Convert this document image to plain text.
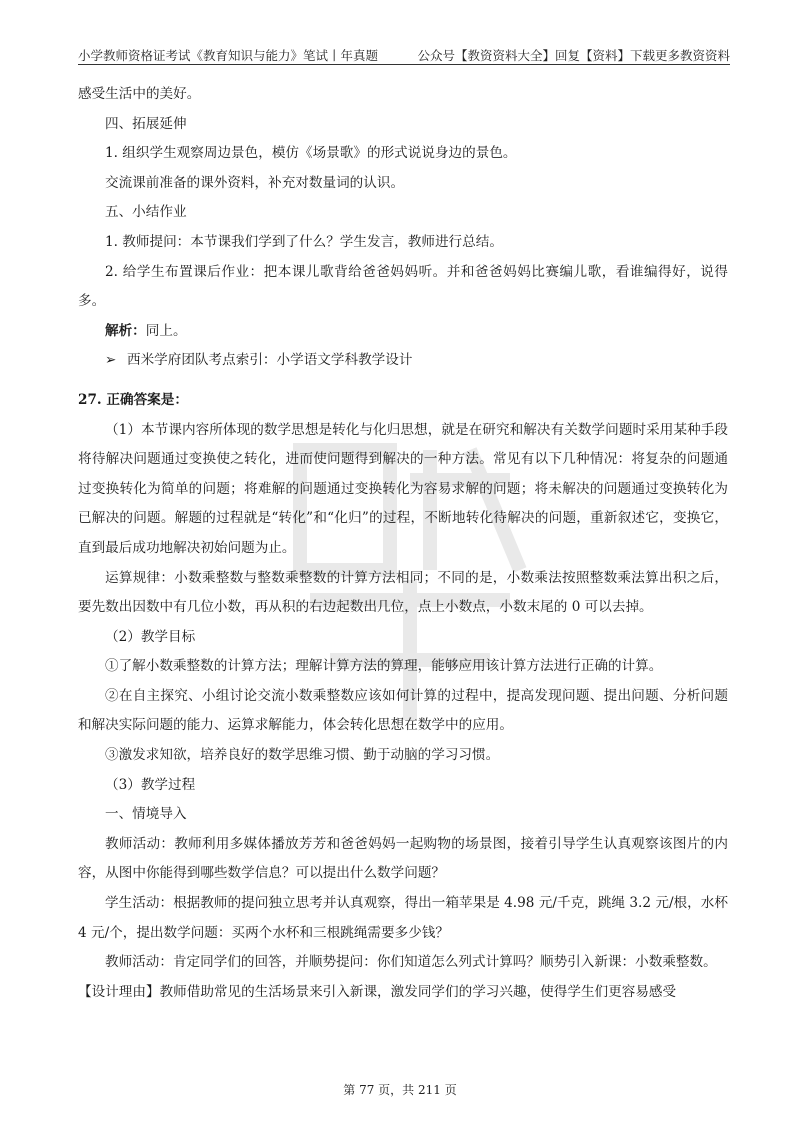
小学教师资格证考试《教育知识与能力》笔试丨年真题	公众号【教资资料大全】回复【资料】下载更多教资资料

感受生活中的美好。

四、拓展延伸

1. 组织学生观察周边景色，模仿《场景歌》的形式说说身边的景色。

交流课前准备的课外资料，补充对数量词的认识。

五、小结作业

1. 教师提问：本节课我们学到了什么？学生发言，教师进行总结。

2. 给学生布置课后作业：把本课儿歌背给爸爸妈妈听。并和爸爸妈妈比赛编儿歌，看谁编得好，说得多。

解析：同上。

➢ 西米学府团队考点索引：小学语文学科教学设计

27. 正确答案是：

（1）本节课内容所体现的数学思想是转化与化归思想，就是在研究和解决有关数学问题时采用某种手段将待解决问题通过变换使之转化，进而使问题得到解决的一种方法。常见有以下几种情况：将复杂的问题通过变换转化为简单的问题；将难解的问题通过变换转化为容易求解的问题；将未解决的问题通过变换转化为已解决的问题。解题的过程就是“转化”和“化归”的过程，不断地转化待解决的问题，重新叙述它，变换它，直到最后成功地解决初始问题为止。

运算规律：小数乘整数与整数乘整数的计算方法相同；不同的是，小数乘法按照整数乘法算出积之后，要先数出因数中有几位小数，再从积的右边起数出几位，点上小数点，小数末尾的 0 可以去掉。

（2）教学目标

①了解小数乘整数的计算方法；理解计算方法的算理，能够应用该计算方法进行正确的计算。

②在自主探究、小组讨论交流小数乘整数应该如何计算的过程中，提高发现问题、提出问题、分析问题和解决实际问题的能力、运算求解能力，体会转化思想在数学中的应用。

③激发求知欲，培养良好的数学思维习惯、勤于动脑的学习习惯。

（3）教学过程

一、情境导入

教师活动：教师利用多媒体播放芳芳和爸爸妈妈一起购物的场景图，接着引导学生认真观察该图片的内容，从图中你能得到哪些数学信息？可以提出什么数学问题？

学生活动：根据教师的提问独立思考并认真观察，得出一箱苹果是 4.98 元/千克，跳绳 3.2 元/根，水杯 4 元/个，提出数学问题：买两个水杯和三根跳绳需要多少钱？

教师活动：肯定同学们的回答，并顺势提问：你们知道怎么列式计算吗？顺势引入新课：小数乘整数。

【设计理由】教师借助常见的生活场景来引入新课，激发同学们的学习兴趣，使得学生们更容易感受

第 77 页，共 211 页
